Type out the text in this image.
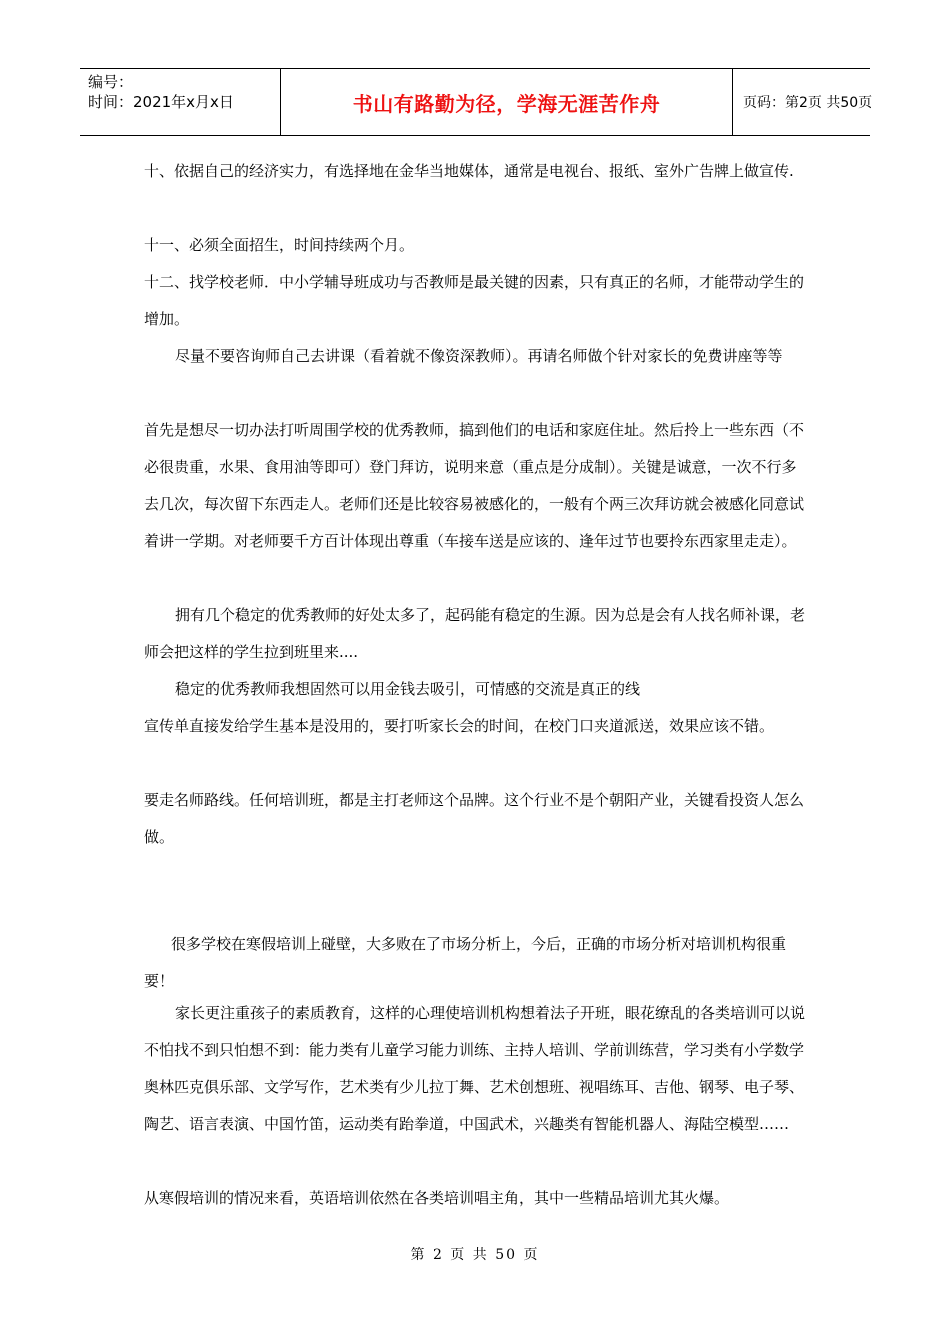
编号：
时间：2021年x月x日	书山有路勤为径，学海无涯苦作舟	页码：第2页 共50页

十、依据自己的经济实力，有选择地在金华当地媒体，通常是电视台、报纸、室外广告牌上做宣传.

十一、必须全面招生，时间持续两个月。

十二、找学校老师．中小学辅导班成功与否教师是最关键的因素，只有真正的名师，才能带动学生的增加。

尽量不要咨询师自己去讲课（看着就不像资深教师）。再请名师做个针对家长的免费讲座等等

首先是想尽一切办法打听周围学校的优秀教师，搞到他们的电话和家庭住址。然后拎上一些东西（不必很贵重，水果、食用油等即可）登门拜访，说明来意（重点是分成制）。关键是诚意，一次不行多去几次，每次留下东西走人。老师们还是比较容易被感化的，一般有个两三次拜访就会被感化同意试着讲一学期。对老师要千方百计体现出尊重（车接车送是应该的、逢年过节也要拎东西家里走走）。

拥有几个稳定的优秀教师的好处太多了，起码能有稳定的生源。因为总是会有人找名师补课，老师会把这样的学生拉到班里来....

稳定的优秀教师我想固然可以用金钱去吸引，可情感的交流是真正的线

宣传单直接发给学生基本是没用的，要打听家长会的时间，在校门口夹道派送，效果应该不错。

要走名师路线。任何培训班，都是主打老师这个品牌。这个行业不是个朝阳产业，关键看投资人怎么做。

很多学校在寒假培训上碰壁，大多败在了市场分析上，今后，正确的市场分析对培训机构很重要！

家长更注重孩子的素质教育，这样的心理使培训机构想着法子开班，眼花缭乱的各类培训可以说不怕找不到只怕想不到：能力类有儿童学习能力训练、主持人培训、学前训练营，学习类有小学数学奥林匹克俱乐部、文学写作，艺术类有少儿拉丁舞、艺术创想班、视唱练耳、吉他、钢琴、电子琴、陶艺、语言表演、中国竹笛，运动类有跆拳道，中国武术，兴趣类有智能机器人、海陆空模型……

从寒假培训的情况来看，英语培训依然在各类培训唱主角，其中一些精品培训尤其火爆。

第 2 页 共 50 页
